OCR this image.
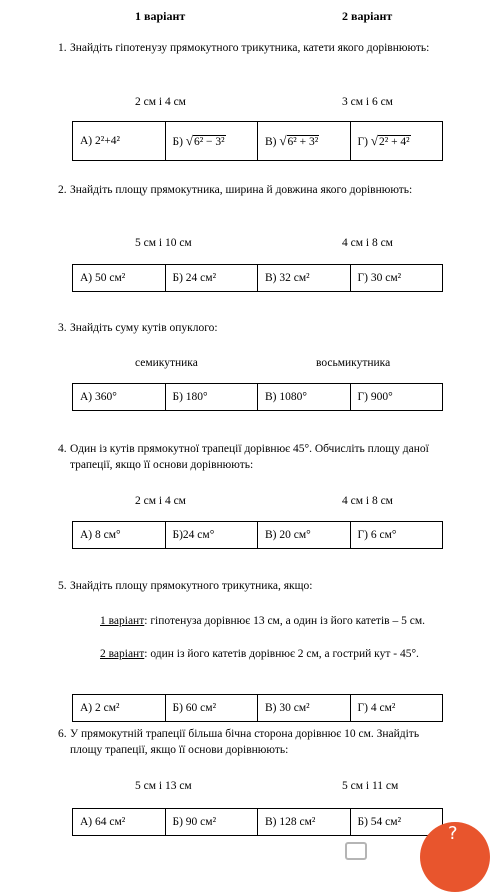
1 варіант	2 варіант
1. Знайдіть гіпотенузу прямокутного трикутника, катети якого дорівнюють:
2 см і 4 см	3 см і 6 см
А) 2²+4²	Б) √6² − 3²	В) √6² + 3²	Г) √2² + 4²
2. Знайдіть площу прямокутника, ширина й довжина якого дорівнюють:
5 см і 10 см	4 см і 8 см
А) 50 см²	Б) 24 см²	В) 32 см²	Г) 30 см²
3. Знайдіть суму кутів опуклого:
семикутника	восьмикутника
А) 360°	Б) 180°	В) 1080°	Г) 900°
4. Один із кутів прямокутної трапеції дорівнює 45°. Обчисліть площу даної трапеції, якщо її основи дорівнюють:
2 см і 4 см	4 см і 8 см
А) 8 см°	Б)24 см°	В) 20 см°	Г) 6 см°
5. Знайдіть площу прямокутного трикутника, якщо:
1 варіант: гіпотенуза дорівнює 13 см, а один із його катетів – 5 см.
2 варіант: один із його катетів дорівнює 2 см, а гострий кут - 45°.
А) 2 см²	Б) 60 см²	В) 30 см²	Г) 4 см²
6. У прямокутній трапеції більша бічна сторона дорівнює 10 см. Знайдіть площу трапеції, якщо її основи дорівнюють:
5 см і 13 см	5 см і 11 см
А) 64 см²	Б) 90 см²	В) 128 см²	Б) 54 см²
?
